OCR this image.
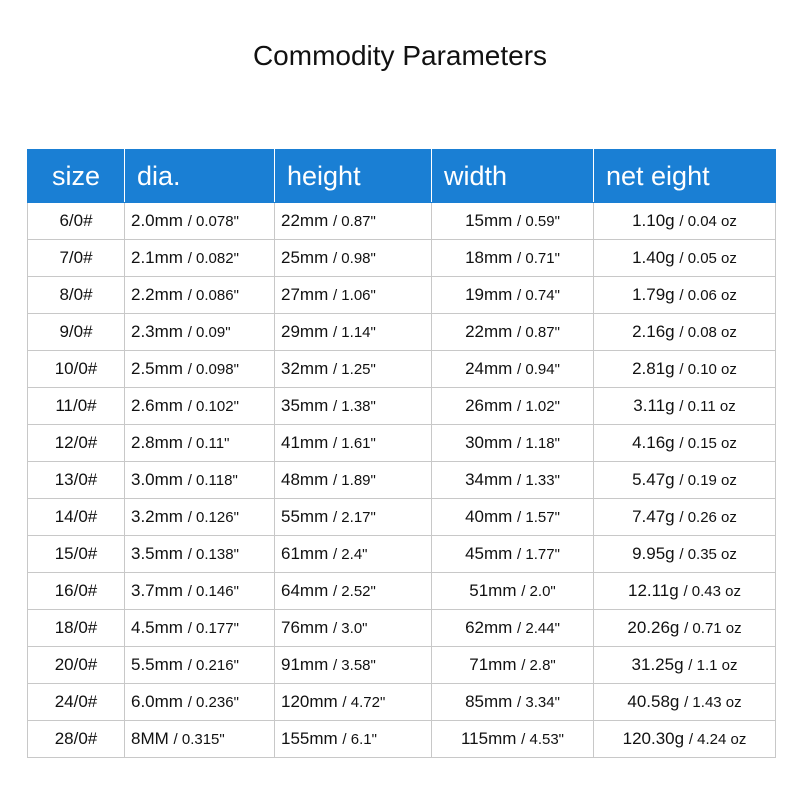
Commodity Parameters
size	dia.	height	width	net eight
6/0#	2.0mm / 0.078"	22mm / 0.87"	15mm / 0.59"	1.10g / 0.04 oz
7/0#	2.1mm / 0.082"	25mm / 0.98"	18mm / 0.71"	1.40g / 0.05 oz
8/0#	2.2mm / 0.086"	27mm / 1.06"	19mm / 0.74"	1.79g / 0.06 oz
9/0#	2.3mm / 0.09"	29mm / 1.14"	22mm / 0.87"	2.16g / 0.08 oz
10/0#	2.5mm / 0.098"	32mm / 1.25"	24mm / 0.94"	2.81g / 0.10 oz
11/0#	2.6mm / 0.102"	35mm / 1.38"	26mm / 1.02"	3.11g / 0.11 oz
12/0#	2.8mm / 0.11"	41mm / 1.61"	30mm / 1.18"	4.16g / 0.15 oz
13/0#	3.0mm / 0.118"	48mm / 1.89"	34mm / 1.33"	5.47g / 0.19 oz
14/0#	3.2mm / 0.126"	55mm / 2.17"	40mm / 1.57"	7.47g / 0.26 oz
15/0#	3.5mm / 0.138"	61mm / 2.4"	45mm / 1.77"	9.95g / 0.35 oz
16/0#	3.7mm / 0.146"	64mm / 2.52"	51mm / 2.0"	12.11g / 0.43 oz
18/0#	4.5mm / 0.177"	76mm / 3.0"	62mm / 2.44"	20.26g / 0.71 oz
20/0#	5.5mm / 0.216"	91mm / 3.58"	71mm / 2.8"	31.25g / 1.1 oz
24/0#	6.0mm / 0.236"	120mm / 4.72"	85mm / 3.34"	40.58g / 1.43 oz
28/0#	8MM / 0.315"	155mm / 6.1"	115mm / 4.53"	120.30g / 4.24 oz
